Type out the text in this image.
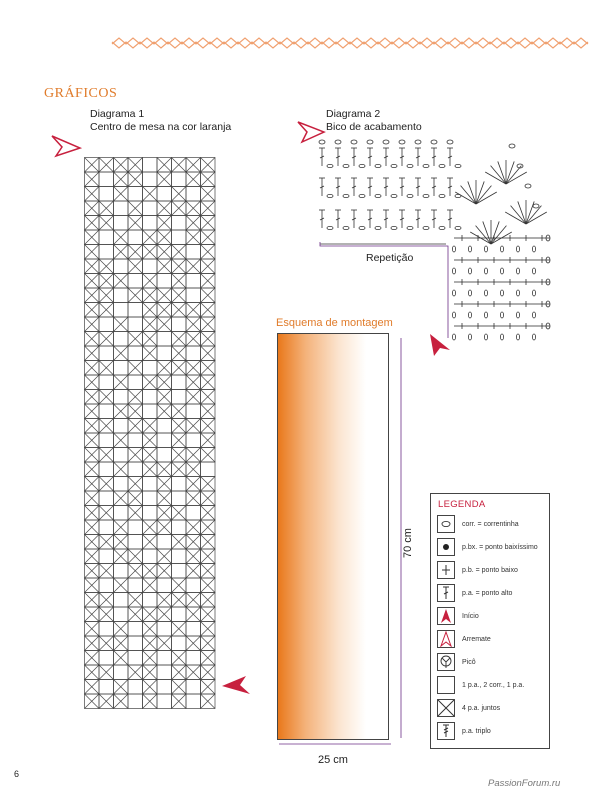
GRÁFICOS
Diagrama 1
Centro de mesa na cor laranja
Diagrama 2
Bico de acabamento
Repetição
Esquema de montagem
70 cm
25 cm
LEGENDA
corr. = correntinha
p.bx. = ponto baixíssimo
p.b. = ponto baixo
p.a. = ponto alto
Início
Arremate
Picô
1 p.a., 2 corr., 1 p.a.
4 p.a. juntos
p.a. triplo
6
PassionForum.ru
